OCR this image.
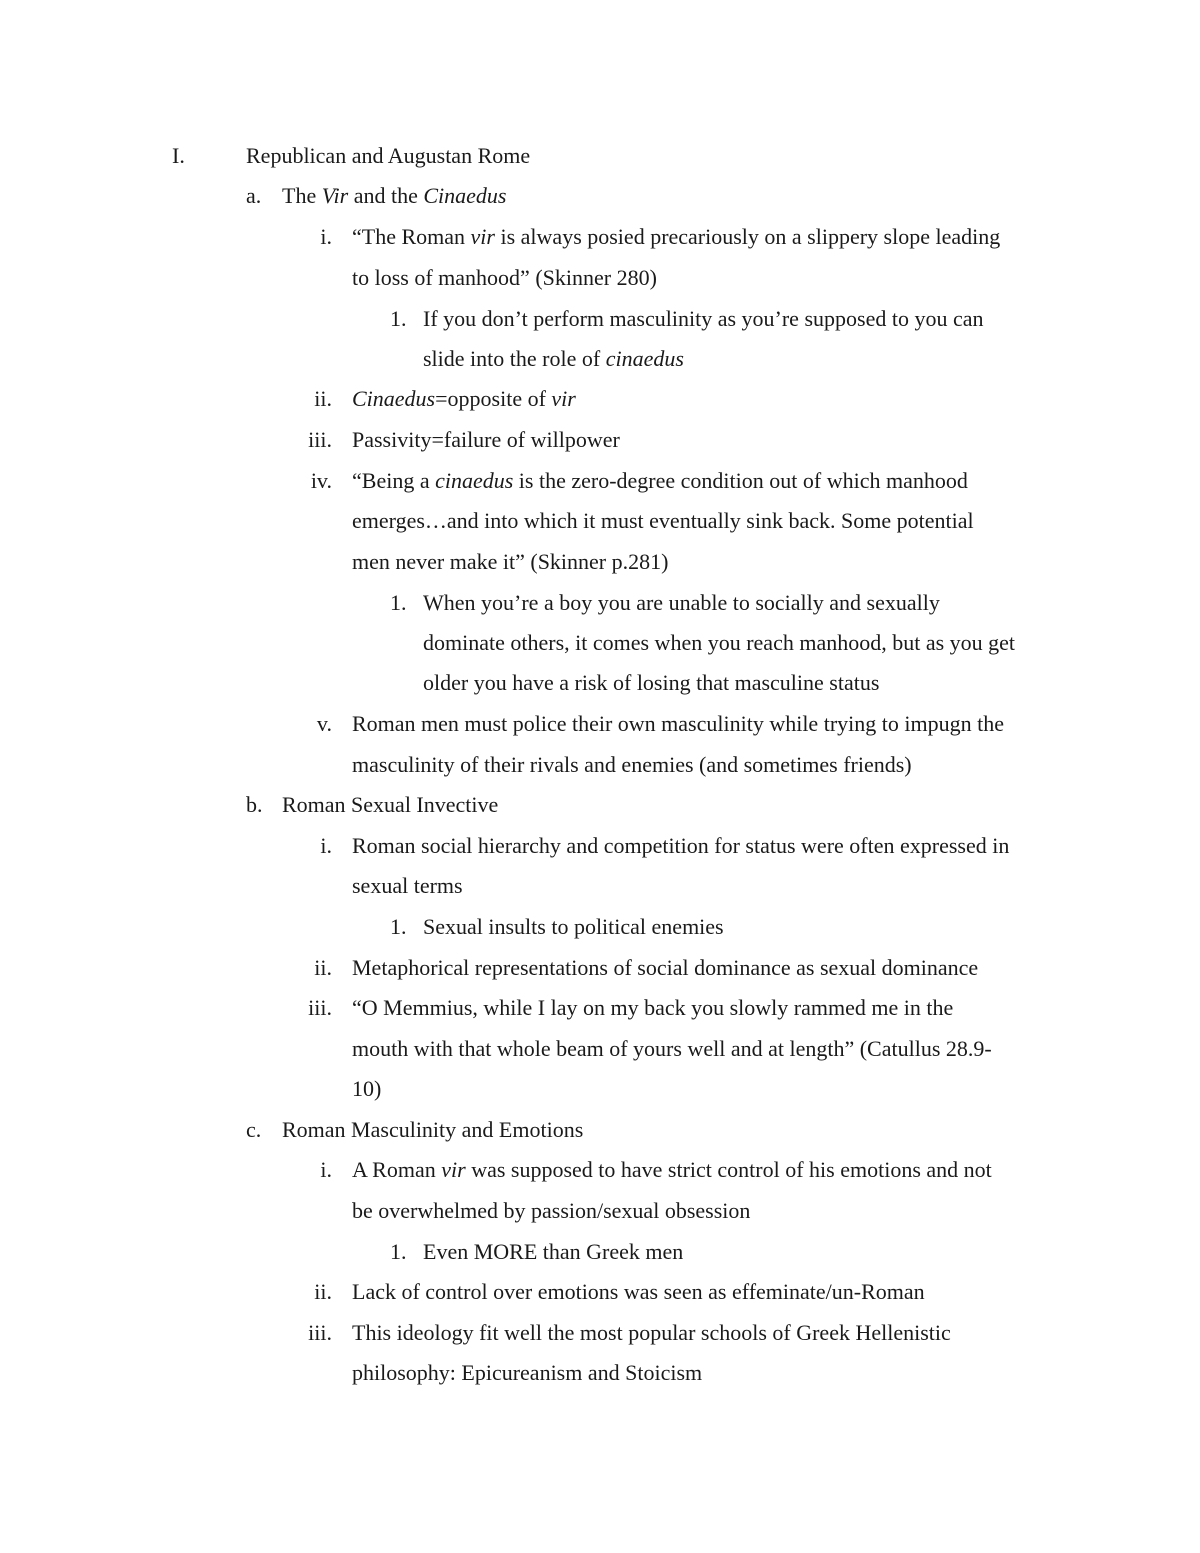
I.	Republican and Augustan Rome
a. The Vir and the Cinaedus
i. “The Roman vir is always posied precariously on a slippery slope leading
to loss of manhood” (Skinner 280)
1. If you don’t perform masculinity as you’re supposed to you can
slide into the role of cinaedus
ii. Cinaedus=opposite of vir
iii. Passivity=failure of willpower
iv. “Being a cinaedus is the zero-degree condition out of which manhood
emerges…and into which it must eventually sink back. Some potential
men never make it” (Skinner p.281)
1. When you’re a boy you are unable to socially and sexually
dominate others, it comes when you reach manhood, but as you get
older you have a risk of losing that masculine status
v. Roman men must police their own masculinity while trying to impugn the
masculinity of their rivals and enemies (and sometimes friends)
b. Roman Sexual Invective
i. Roman social hierarchy and competition for status were often expressed in
sexual terms
1. Sexual insults to political enemies
ii. Metaphorical representations of social dominance as sexual dominance
iii. “O Memmius, while I lay on my back you slowly rammed me in the
mouth with that whole beam of yours well and at length” (Catullus 28.9-
10)
c. Roman Masculinity and Emotions
i. A Roman vir was supposed to have strict control of his emotions and not
be overwhelmed by passion/sexual obsession
1. Even MORE than Greek men
ii. Lack of control over emotions was seen as effeminate/un-Roman
iii. This ideology fit well the most popular schools of Greek Hellenistic
philosophy: Epicureanism and Stoicism
